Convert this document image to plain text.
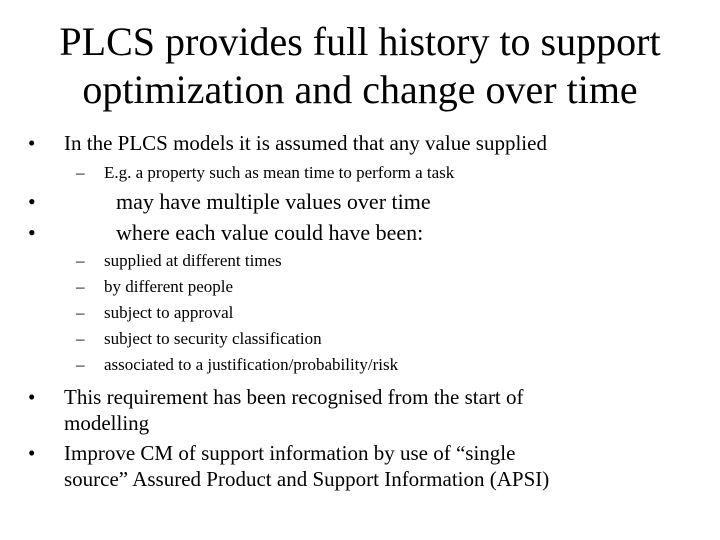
PLCS provides full history to support
optimization and change over time
• In the PLCS models it is assumed that any value supplied
– E.g. a property such as mean time to perform a task
•	may have multiple values over time
•	where each value could have been:
– supplied at different times
– by different people
– subject to approval
– subject to security classification
– associated to a justification/probability/risk
• This requirement has been recognised from the start of
modelling
• Improve CM of support information by use of “single
source” Assured Product and Support Information (APSI)
